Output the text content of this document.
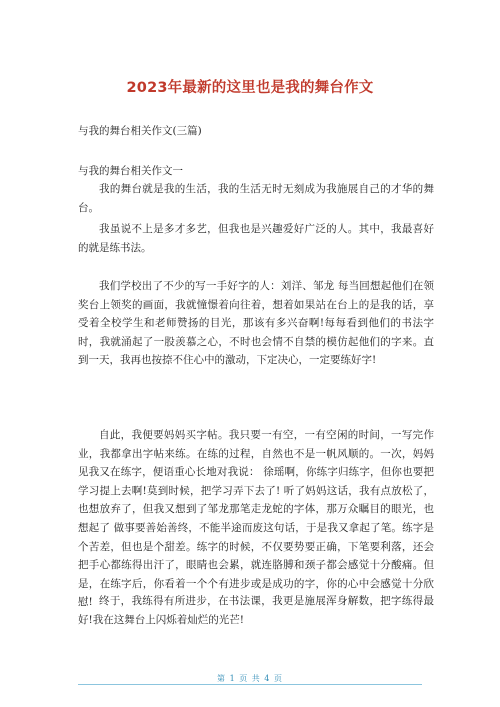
2023年最新的这里也是我的舞台作文
与我的舞台相关作文(三篇)
与我的舞台相关作文一
我的舞台就是我的生活，我的生活无时无刻成为我施展自己的才华的舞台。
我虽说不上是多才多艺，但我也是兴趣爱好广泛的人。其中，我最喜好的就是练书法。
我们学校出了不少的写一手好字的人：刘洋、邹龙 每当回想起他们在领奖台上领奖的画面，我就憧憬着向往着，想着如果站在台上的是我的话，享受着全校学生和老师赞扬的目光，那该有多兴奋啊!每每看到他们的书法字时，我就涌起了一股羡慕之心，不时也会情不自禁的模仿起他们的字来。直到一天，我再也按捺不住心中的激动，下定决心，一定要练好字!
自此，我便要妈妈买字帖。我只要一有空，一有空闲的时间，一写完作业，我都拿出字帖来练。在练的过程，自然也不是一帆风顺的。一次，妈妈见我又在练字，便语重心长地对我说： 徐瑶啊，你练字归练字，但你也要把学习提上去啊!莫到时候，把学习弄下去了! 听了妈妈这话，我有点放松了，也想放弃了，但我又想到了邹龙那笔走龙蛇的字体，那万众瞩目的眼光，也想起了 做事要善始善终，不能半途而废这句话，于是我又拿起了笔。练字是个苦差，但也是个甜差。练字的时候，不仅要势要正确，下笔要利落，还会把手心都练得出汗了，眼睛也会累，就连胳膊和颈子都会感觉十分酸痛。但是，在练字后，你看着一个个有进步或是成功的字，你的心中会感觉十分欣慰! 终于，我练得有所进步，在书法课，我更是施展浑身解数，把字练得最好!我在这舞台上闪烁着灿烂的光芒!
第 1 页 共 4 页
